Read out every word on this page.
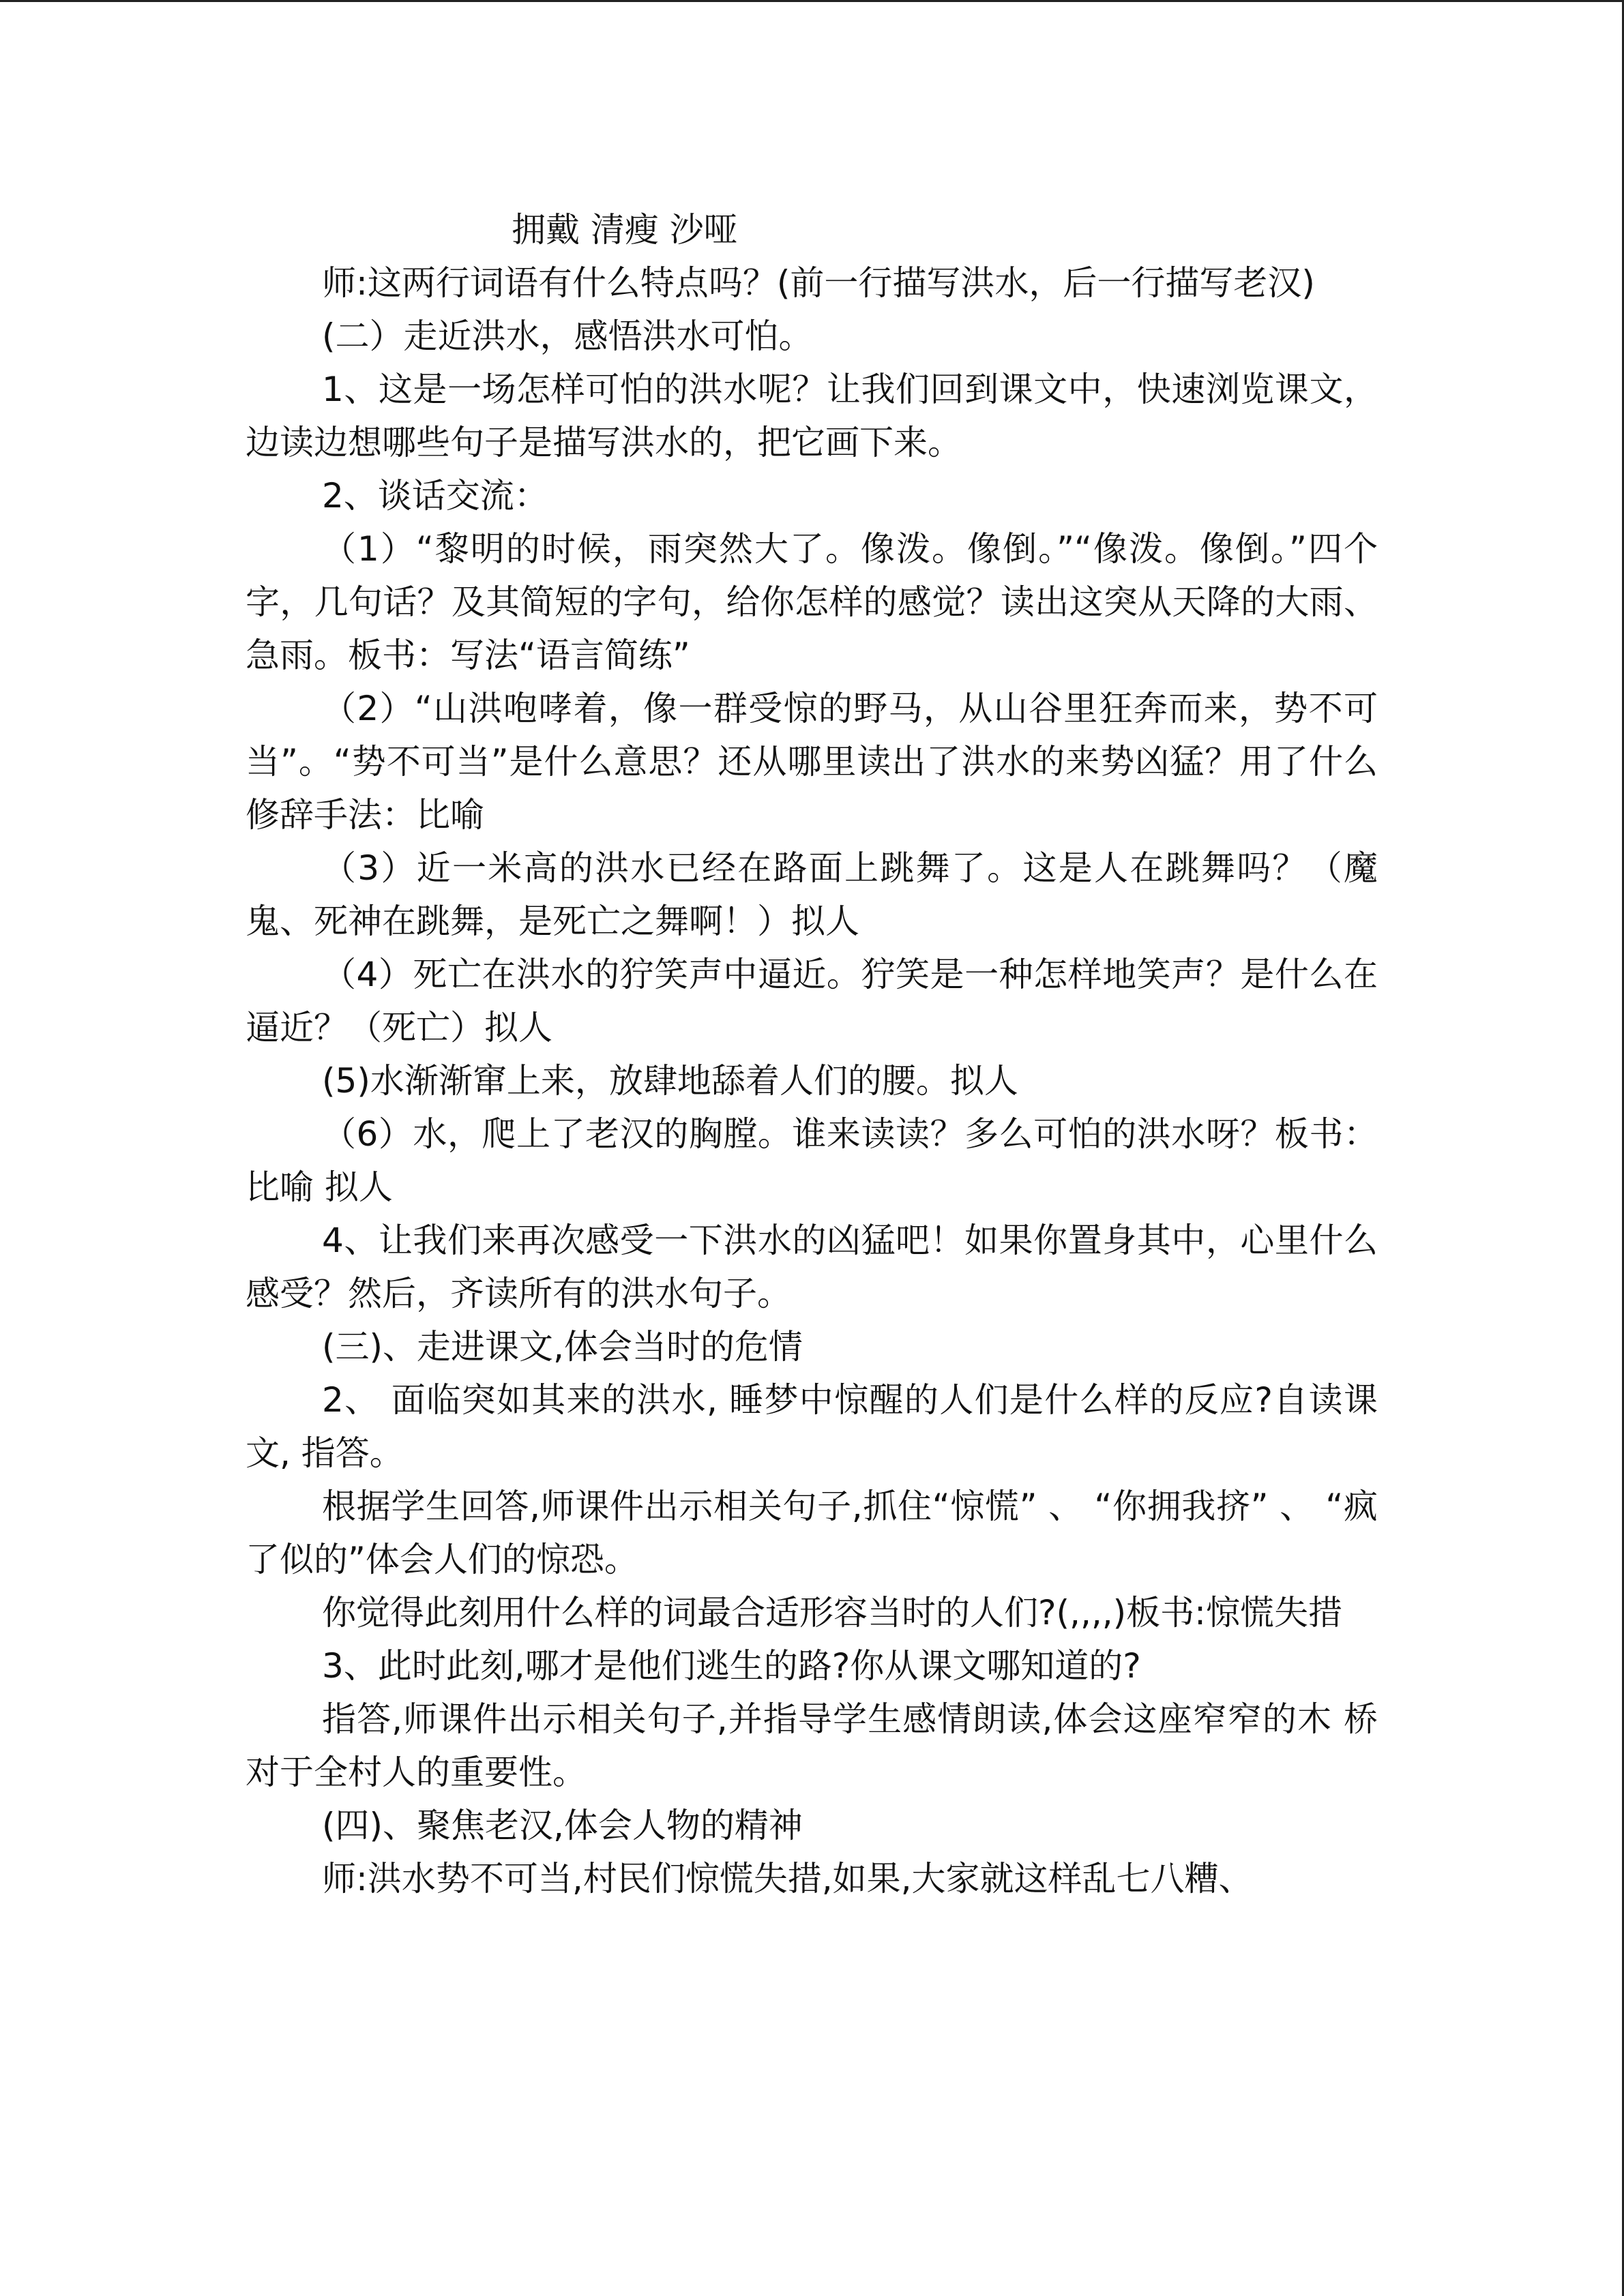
拥戴 清瘦 沙哑

师:这两行词语有什么特点吗？(前一行描写洪水，后一行描写老汉)

(二）走近洪水，感悟洪水可怕。

1、这是一场怎样可怕的洪水呢？让我们回到课文中，快速浏览课文，边读边想哪些句子是描写洪水的，把它画下来。

2、谈话交流：

（1）“黎明的时候，雨突然大了。像泼。像倒。”“像泼。像倒。”四个字，几句话？及其简短的字句，给你怎样的感觉？读出这突从天降的大雨、急雨。板书：写法“语言简练”

（2）“山洪咆哮着，像一群受惊的野马，从山谷里狂奔而来，势不可当”。“势不可当”是什么意思？还从哪里读出了洪水的来势凶猛？用了什么修辞手法：比喻

（3）近一米高的洪水已经在路面上跳舞了。这是人在跳舞吗？（魔鬼、死神在跳舞，是死亡之舞啊！）拟人

（4）死亡在洪水的狞笑声中逼近。狞笑是一种怎样地笑声？是什么在逼近？（死亡）拟人

(5)水渐渐窜上来，放肆地舔着人们的腰。拟人

（6）水，爬上了老汉的胸膛。谁来读读？多么可怕的洪水呀？板书：比喻 拟人

4、让我们来再次感受一下洪水的凶猛吧！如果你置身其中，心里什么感受？然后，齐读所有的洪水句子。

(三)、走进课文,体会当时的危情

2、 面临突如其来的洪水, 睡梦中惊醒的人们是什么样的反应?自读课文, 指答。

根据学生回答,师课件出示相关句子,抓住“惊慌” 、 “你拥我挤” 、 “疯 了似的”体会人们的惊恐。

你觉得此刻用什么样的词最合适形容当时的人们?(,,,,)板书:惊慌失措

3、此时此刻,哪才是他们逃生的路?你从课文哪知道的?

指答,师课件出示相关句子,并指导学生感情朗读,体会这座窄窄的木 桥对于全村人的重要性。

(四)、聚焦老汉,体会人物的精神

师:洪水势不可当,村民们惊慌失措,如果,大家就这样乱七八糟、
